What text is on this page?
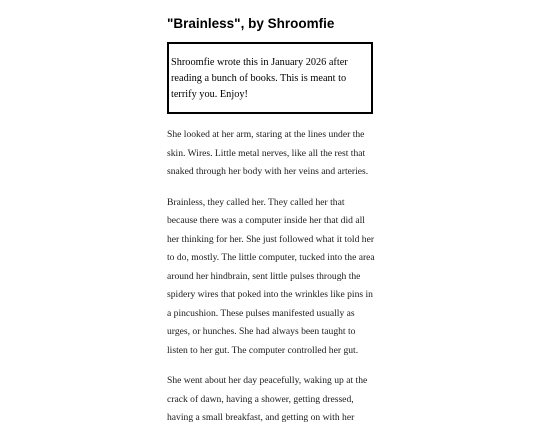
"Brainless", by Shroomfie
Shroomfie wrote this in January 2026 after reading a bunch of books. This is meant to terrify you. Enjoy!

She looked at her arm, staring at the lines under the skin. Wires. Little metal nerves, like all the rest that snaked through her body with her veins and arteries.

Brainless, they called her. They called her that because there was a computer inside her that did all her thinking for her. She just followed what it told her to do, mostly. The little computer, tucked into the area around her hindbrain, sent little pulses through the spidery wires that poked into the wrinkles like pins in a pincushion. These pulses manifested usually as urges, or hunches. She had always been taught to listen to her gut. The computer controlled her gut.

She went about her day peacefully, waking up at the crack of dawn, having a shower, getting dressed, having a small breakfast, and getting on with her
